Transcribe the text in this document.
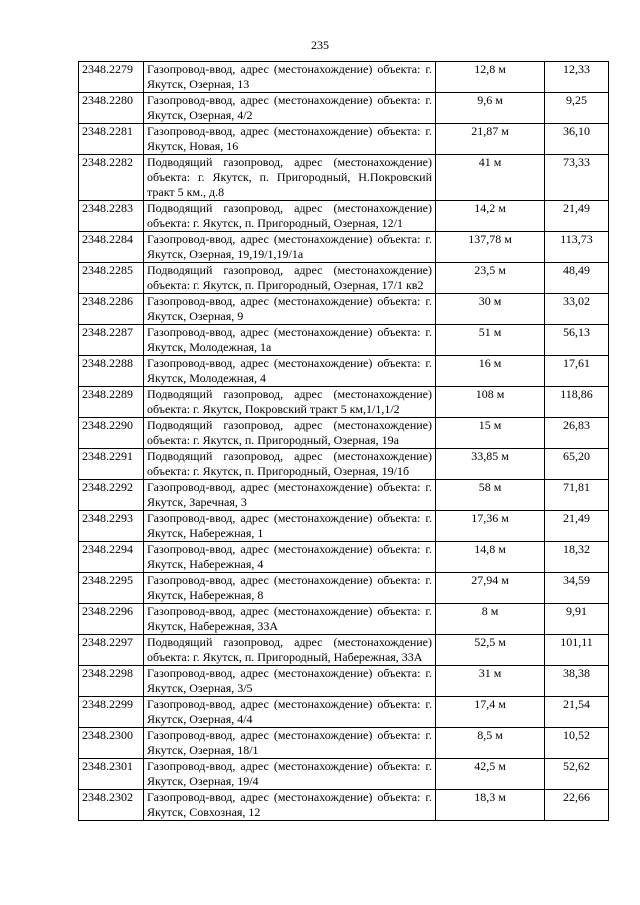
235
2348.2279	Газопровод-ввод, адрес (местонахождение) объекта: г. Якутск, Озерная, 13	12,8 м	12,33
2348.2280	Газопровод-ввод, адрес (местонахождение) объекта: г. Якутск, Озерная, 4/2	9,6 м	9,25
2348.2281	Газопровод-ввод, адрес (местонахождение) объекта: г. Якутск, Новая, 16	21,87 м	36,10
2348.2282	Подводящий газопровод, адрес (местонахождение) объекта: г. Якутск, п. Пригородный, Н.Покровский тракт 5 км., д.8	41 м	73,33
2348.2283	Подводящий газопровод, адрес (местонахождение) объекта: г. Якутск, п. Пригородный, Озерная, 12/1	14,2 м	21,49
2348.2284	Газопровод-ввод, адрес (местонахождение) объекта: г. Якутск, Озерная, 19,19/1,19/1а	137,78 м	113,73
2348.2285	Подводящий газопровод, адрес (местонахождение) объекта: г. Якутск, п. Пригородный, Озерная, 17/1 кв2	23,5 м	48,49
2348.2286	Газопровод-ввод, адрес (местонахождение) объекта: г. Якутск, Озерная, 9	30 м	33,02
2348.2287	Газопровод-ввод, адрес (местонахождение) объекта: г. Якутск, Молодежная, 1а	51 м	56,13
2348.2288	Газопровод-ввод, адрес (местонахождение) объекта: г. Якутск, Молодежная, 4	16 м	17,61
2348.2289	Подводящий газопровод, адрес (местонахождение) объекта: г. Якутск, Покровский тракт 5 км,1/1,1/2	108 м	118,86
2348.2290	Подводящий газопровод, адрес (местонахождение) объекта: г. Якутск, п. Пригородный, Озерная, 19а	15 м	26,83
2348.2291	Подводящий газопровод, адрес (местонахождение) объекта: г. Якутск, п. Пригородный, Озерная, 19/1б	33,85 м	65,20
2348.2292	Газопровод-ввод, адрес (местонахождение) объекта: г. Якутск, Заречная, 3	58 м	71,81
2348.2293	Газопровод-ввод, адрес (местонахождение) объекта: г. Якутск, Набережная, 1	17,36 м	21,49
2348.2294	Газопровод-ввод, адрес (местонахождение) объекта: г. Якутск, Набережная, 4	14,8 м	18,32
2348.2295	Газопровод-ввод, адрес (местонахождение) объекта: г. Якутск, Набережная, 8	27,94 м	34,59
2348.2296	Газопровод-ввод, адрес (местонахождение) объекта: г. Якутск, Набережная, 33А	8 м	9,91
2348.2297	Подводящий газопровод, адрес (местонахождение) объекта: г. Якутск, п. Пригородный, Набережная, 33А	52,5 м	101,11
2348.2298	Газопровод-ввод, адрес (местонахождение) объекта: г. Якутск, Озерная, 3/5	31 м	38,38
2348.2299	Газопровод-ввод, адрес (местонахождение) объекта: г. Якутск, Озерная, 4/4	17,4 м	21,54
2348.2300	Газопровод-ввод, адрес (местонахождение) объекта: г. Якутск, Озерная, 18/1	8,5 м	10,52
2348.2301	Газопровод-ввод, адрес (местонахождение) объекта: г. Якутск, Озерная, 19/4	42,5 м	52,62
2348.2302	Газопровод-ввод, адрес (местонахождение) объекта: г. Якутск, Совхозная, 12	18,3 м	22,66
